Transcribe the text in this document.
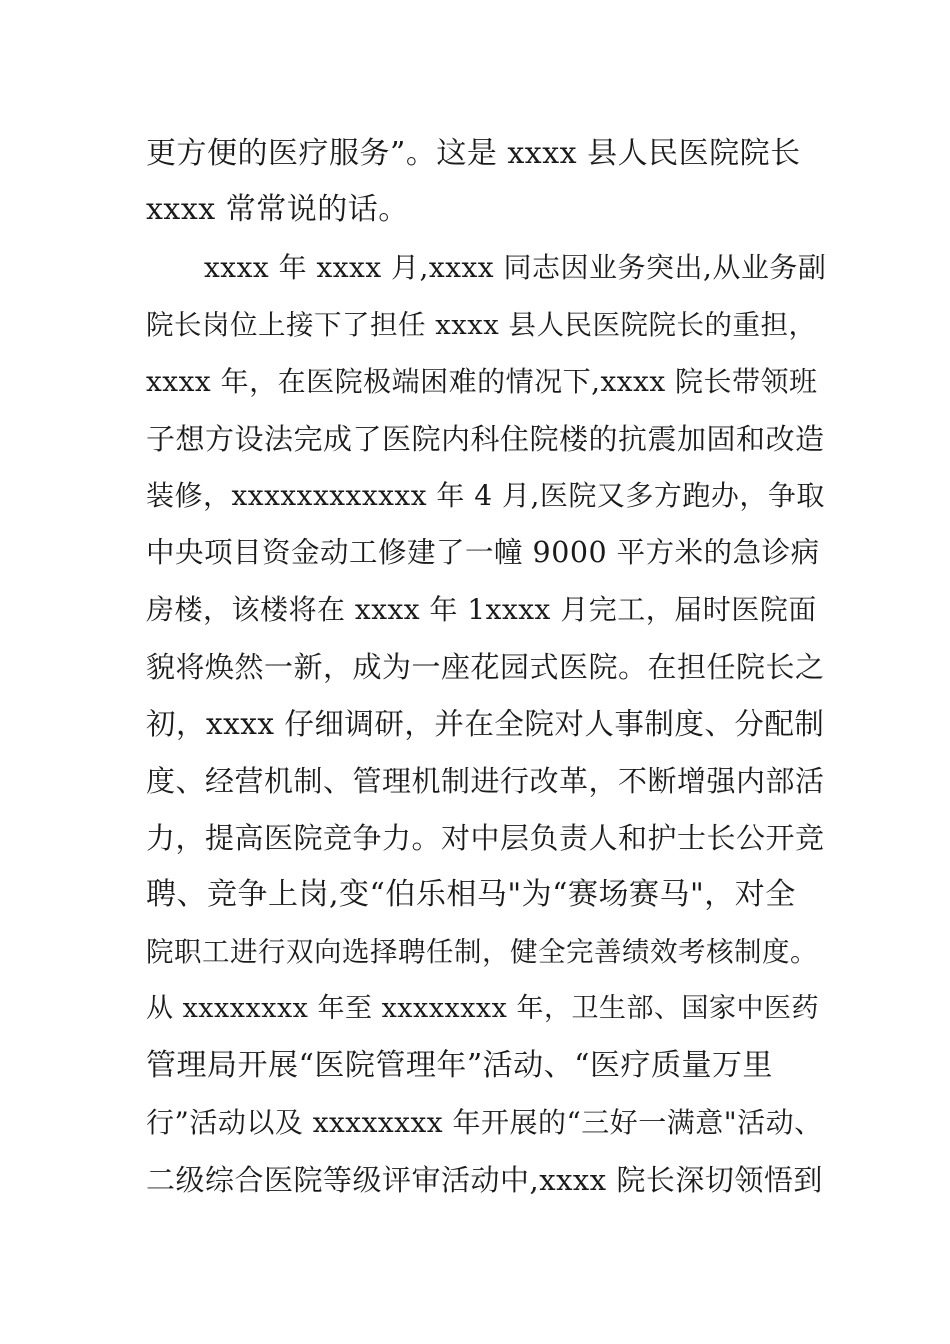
更方便的医疗服务”。这是 xxxx 县人民医院院长
xxxx 常常说的话。
xxxx 年 xxxx 月,xxxx 同志因业务突出,从业务副
院长岗位上接下了担任 xxxx 县人民医院院长的重担，
xxxx 年，在医院极端困难的情况下,xxxx 院长带领班
子想方设法完成了医院内科住院楼的抗震加固和改造
装修，xxxxxxxxxxxx 年 4 月,医院又多方跑办，争取
中央项目资金动工修建了一幢 9000 平方米的急诊病
房楼，该楼将在 xxxx 年 1xxxx 月完工，届时医院面
貌将焕然一新，成为一座花园式医院。在担任院长之
初，xxxx 仔细调研，并在全院对人事制度、分配制
度、经营机制、管理机制进行改革，不断增强内部活
力，提高医院竞争力。对中层负责人和护士长公开竞
聘、竞争上岗,变“伯乐相马"为“赛场赛马"，对全
院职工进行双向选择聘任制，健全完善绩效考核制度。
从 xxxxxxxx 年至 xxxxxxxx 年，卫生部、国家中医药
管理局开展“医院管理年”活动、“医疗质量万里
行”活动以及 xxxxxxxx 年开展的“三好一满意"活动、
二级综合医院等级评审活动中,xxxx 院长深切领悟到
